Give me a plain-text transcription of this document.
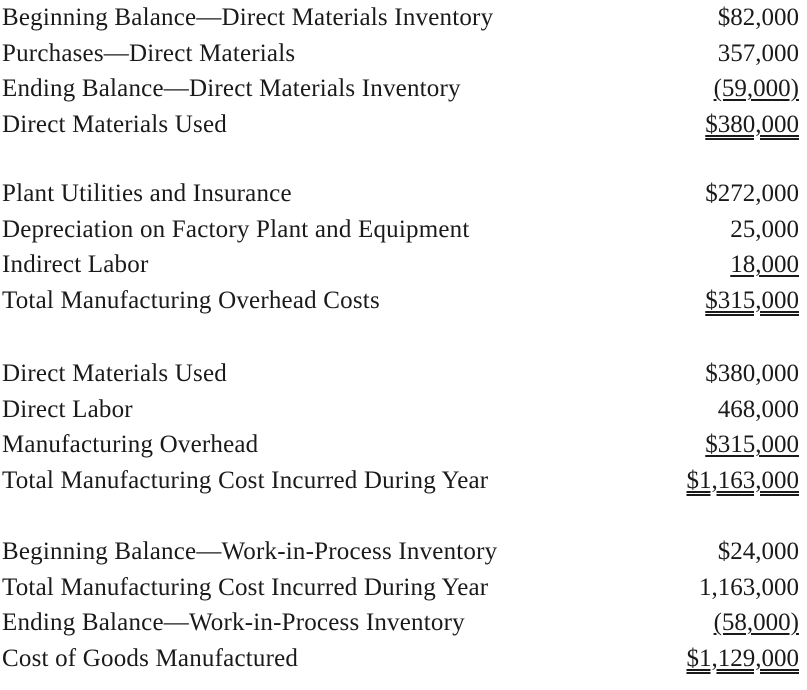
Beginning Balance—Direct Materials Inventory	$82,000
Purchases—Direct Materials	357,000
Ending Balance—Direct Materials Inventory	(59,000)
Direct Materials Used	$380,000
Plant Utilities and Insurance	$272,000
Depreciation on Factory Plant and Equipment	25,000
Indirect Labor	18,000
Total Manufacturing Overhead Costs	$315,000
Direct Materials Used	$380,000
Direct Labor	468,000
Manufacturing Overhead	$315,000
Total Manufacturing Cost Incurred During Year	$1,163,000
Beginning Balance—Work-in-Process Inventory	$24,000
Total Manufacturing Cost Incurred During Year	1,163,000
Ending Balance—Work-in-Process Inventory	(58,000)
Cost of Goods Manufactured	$1,129,000
